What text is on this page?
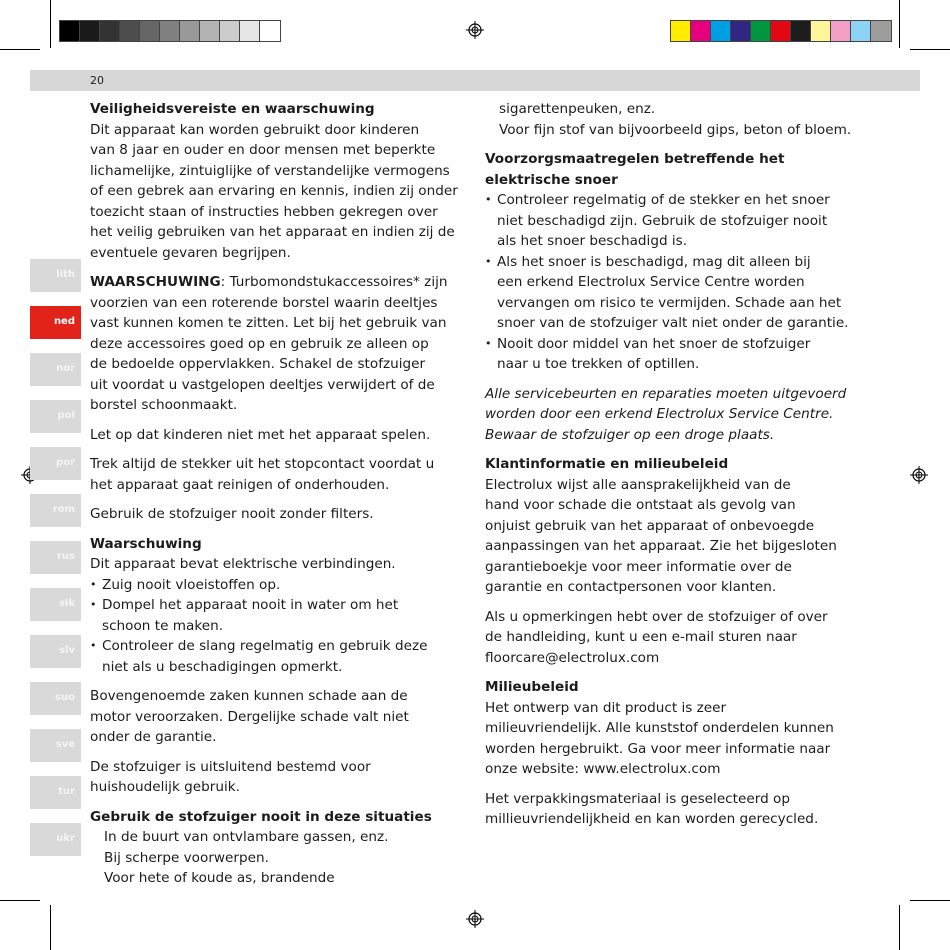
20
lith
ned
nor
pol
por
rom
rus
slk
slv
suo
sve
tur
ukr

Veiligheidsvereiste en waarschuwing

Dit apparaat kan worden gebruikt door kinderen
van 8 jaar en ouder en door mensen met beperkte
lichamelijke, zintuiglijke of verstandelijke vermogens
of een gebrek aan ervaring en kennis, indien zij onder
toezicht staan of instructies hebben gekregen over
het veilig gebruiken van het apparaat en indien zij de
eventuele gevaren begrijpen.

WAARSCHUWING: Turbomondstukaccessoires* zijn
voorzien van een roterende borstel waarin deeltjes
vast kunnen komen te zitten. Let bij het gebruik van
deze accessoires goed op en gebruik ze alleen op
de bedoelde oppervlakken. Schakel de stofzuiger
uit voordat u vastgelopen deeltjes verwijdert of de
borstel schoonmaakt.

Let op dat kinderen niet met het apparaat spelen.

Trek altijd de stekker uit het stopcontact voordat u
het apparaat gaat reinigen of onderhouden.

Gebruik de stofzuiger nooit zonder filters.

Waarschuwing

Dit apparaat bevat elektrische verbindingen.
• Zuig nooit vloeistoffen op.
• Dompel het apparaat nooit in water om het
schoon te maken.
• Controleer de slang regelmatig en gebruik deze
niet als u beschadigingen opmerkt.

Bovengenoemde zaken kunnen schade aan de
motor veroorzaken. Dergelijke schade valt niet
onder de garantie.

De stofzuiger is uitsluitend bestemd voor
huishoudelijk gebruik.

Gebruik de stofzuiger nooit in deze situaties

In de buurt van ontvlambare gassen, enz.
Bij scherpe voorwerpen.
Voor hete of koude as, brandende

sigarettenpeuken, enz.
Voor fijn stof van bijvoorbeeld gips, beton of bloem.

Voorzorgsmaatregelen betreffende het
elektrische snoer

• Controleer regelmatig of de stekker en het snoer
niet beschadigd zijn. Gebruik de stofzuiger nooit
als het snoer beschadigd is.
• Als het snoer is beschadigd, mag dit alleen bij
een erkend Electrolux Service Centre worden
vervangen om risico te vermijden. Schade aan het
snoer van de stofzuiger valt niet onder de garantie.
• Nooit door middel van het snoer de stofzuiger
naar u toe trekken of optillen.

Alle servicebeurten en reparaties moeten uitgevoerd
worden door een erkend Electrolux Service Centre.
Bewaar de stofzuiger op een droge plaats.

Klantinformatie en milieubeleid

Electrolux wijst alle aansprakelijkheid van de
hand voor schade die ontstaat als gevolg van
onjuist gebruik van het apparaat of onbevoegde
aanpassingen van het apparaat. Zie het bijgesloten
garantieboekje voor meer informatie over de
garantie en contactpersonen voor klanten.

Als u opmerkingen hebt over de stofzuiger of over
de handleiding, kunt u een e-mail sturen naar
floorcare@electrolux.com

Milieubeleid

Het ontwerp van dit product is zeer
milieuvriendelijk. Alle kunststof onderdelen kunnen
worden hergebruikt. Ga voor meer informatie naar
onze website: www.electrolux.com

Het verpakkingsmateriaal is geselecteerd op
millieuvriendelijkheid en kan worden gerecycled.
